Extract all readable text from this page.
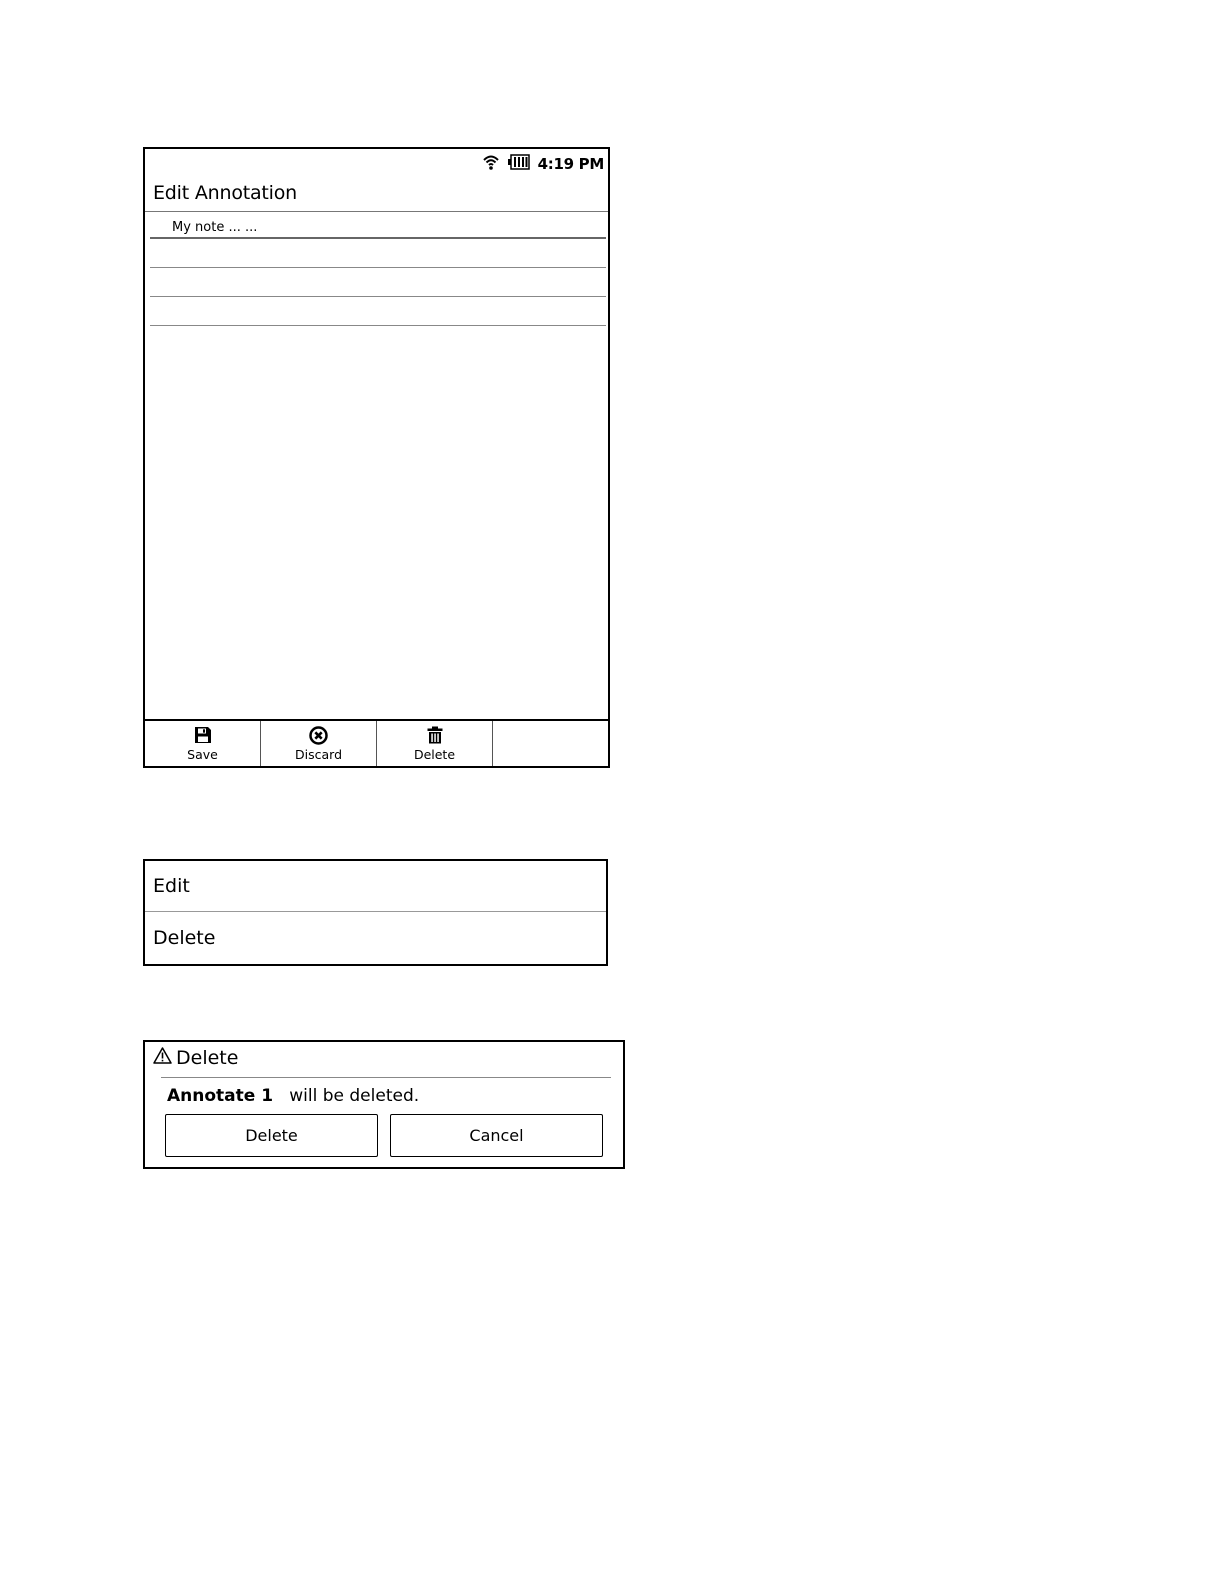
4:19 PM
Edit Annotation
My note ... ...
Save	Discard	Delete
Edit
Delete
Delete
Annotate 1   will be deleted.
Delete	Cancel
